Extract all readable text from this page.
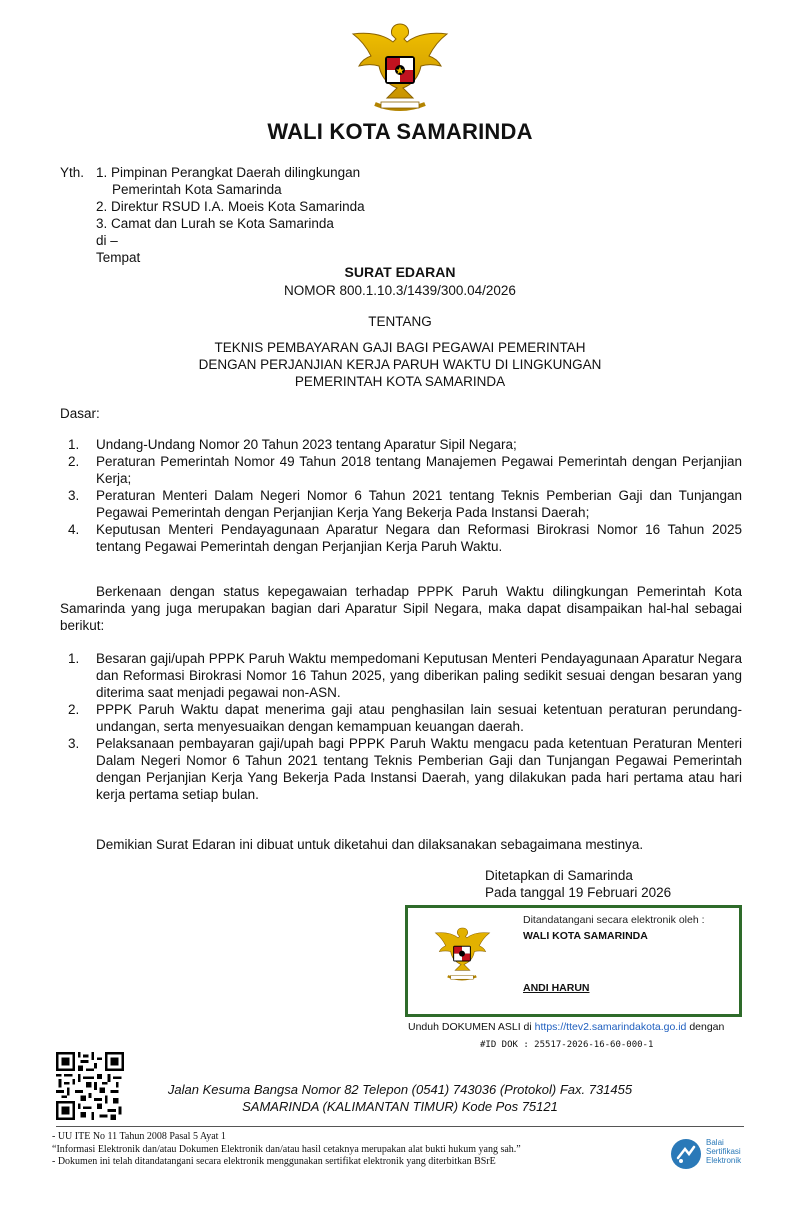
WALI KOTA SAMARINDA
Yth. 1. Pimpinan Perangkat Daerah dilingkungan
Pemerintah Kota Samarinda
2. Direktur RSUD I.A. Moeis Kota Samarinda
3. Camat dan Lurah se Kota Samarinda
di –
Tempat
SURAT EDARAN
NOMOR 800.1.10.3/1439/300.04/2026
TENTANG
TEKNIS PEMBAYARAN GAJI BAGI PEGAWAI PEMERINTAH
DENGAN PERJANJIAN KERJA PARUH WAKTU DI LINGKUNGAN
PEMERINTAH KOTA SAMARINDA
Dasar:
1. Undang-Undang Nomor 20 Tahun 2023 tentang Aparatur Sipil Negara;
2. Peraturan Pemerintah Nomor 49 Tahun 2018 tentang Manajemen Pegawai Pemerintah dengan Perjanjian Kerja;
3. Peraturan Menteri Dalam Negeri Nomor 6 Tahun 2021 tentang Teknis Pemberian Gaji dan Tunjangan Pegawai Pemerintah dengan Perjanjian Kerja Yang Bekerja Pada Instansi Daerah;
4. Keputusan Menteri Pendayagunaan Aparatur Negara dan Reformasi Birokrasi Nomor 16 Tahun 2025 tentang Pegawai Pemerintah dengan Perjanjian Kerja Paruh Waktu.
Berkenaan dengan status kepegawaian terhadap PPPK Paruh Waktu dilingkungan Pemerintah Kota Samarinda yang juga merupakan bagian dari Aparatur Sipil Negara, maka dapat disampaikan hal-hal sebagai berikut:
1. Besaran gaji/upah PPPK Paruh Waktu mempedomani Keputusan Menteri Pendayagunaan Aparatur Negara dan Reformasi Birokrasi Nomor 16 Tahun 2025, yang diberikan paling sedikit sesuai dengan besaran yang diterima saat menjadi pegawai non-ASN.
2. PPPK Paruh Waktu dapat menerima gaji atau penghasilan lain sesuai ketentuan peraturan perundang-undangan, serta menyesuaikan dengan kemampuan keuangan daerah.
3. Pelaksanaan pembayaran gaji/upah bagi PPPK Paruh Waktu mengacu pada ketentuan Peraturan Menteri Dalam Negeri Nomor 6 Tahun 2021 tentang Teknis Pemberian Gaji dan Tunjangan Pegawai Pemerintah dengan Perjanjian Kerja Yang Bekerja Pada Instansi Daerah, yang dilakukan pada hari pertama atau hari kerja pertama setiap bulan.
Demikian Surat Edaran ini dibuat untuk diketahui dan dilaksanakan sebagaimana mestinya.
Ditetapkan di Samarinda
Pada tanggal 19 Februari 2026
Ditandatangani secara elektronik oleh :
WALI KOTA SAMARINDA
ANDI HARUN
Unduh DOKUMEN ASLI di https://ttev2.samarindakota.go.id dengan
#ID DOK : 25517-2026-16-60-000-1
Jalan Kesuma Bangsa Nomor 82 Telepon (0541) 743036 (Protokol) Fax. 731455
SAMARINDA (KALIMANTAN TIMUR) Kode Pos 75121
- UU ITE No 11 Tahun 2008 Pasal 5 Ayat 1
“Informasi Elektronik dan/atau Dokumen Elektronik dan/atau hasil cetaknya merupakan alat bukti hukum yang sah.”
- Dokumen ini telah ditandatangani secara elektronik menggunakan sertifikat elektronik yang diterbitkan BSrE
Balai
Sertifikasi
Elektronik
